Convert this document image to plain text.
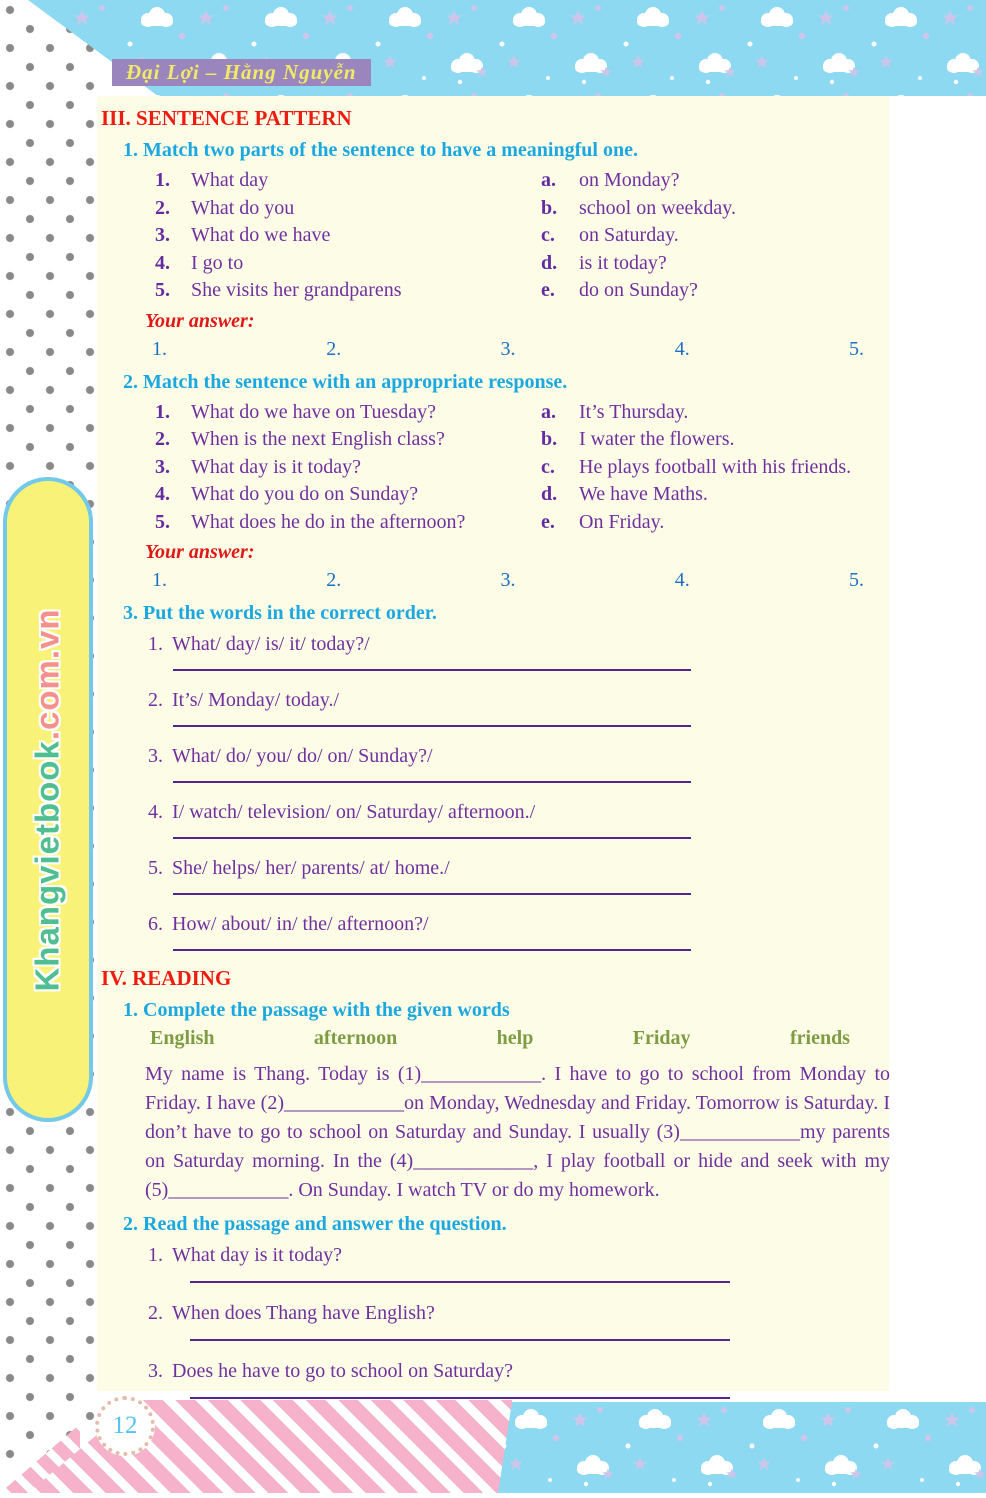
Đại Lợi – Hằng Nguyễn
III. SENTENCE PATTERN
1. Match two parts of the sentence to have a meaningful one.
1.	What day	a.	on Monday?
2.	What do you	b.	school on weekday.
3.	What do we have	c.	on Saturday.
4.	I go to	d.	is it today?
5.	She visits her grandparens	e.	do on Sunday?
Your answer:
1.	2.	3.	4.	5.
2. Match the sentence with an appropriate response.
1.	What do we have on Tuesday?	a.	It’s Thursday.
2.	When is the next English class?	b.	I water the flowers.
3.	What day is it today?	c.	He plays football with his friends.
4.	What do you do on Sunday?	d.	We have Maths.
5.	What does he do in the afternoon?	e.	On Friday.
Your answer:
1.	2.	3.	4.	5.
3. Put the words in the correct order.
1. What/ day/ is/ it/ today?/
2. It’s/ Monday/ today./
3. What/ do/ you/ do/ on/ Sunday?/
4. I/ watch/ television/ on/ Saturday/ afternoon./
5. She/ helps/ her/ parents/ at/ home./
6. How/ about/ in/ the/ afternoon?/
IV. READING
1. Complete the passage with the given words
English	afternoon	help	Friday	friends
My name is Thang. Today is (1)____________. I have to go to school from Monday to Friday. I have (2)____________on Monday, Wednesday and Friday. Tomorrow is Saturday. I don’t have to go to school on Saturday and Sunday. I usually (3)____________my parents on Saturday morning. In the (4)____________, I play football or hide and seek with my (5)____________. On Sunday. I watch TV or do my homework.
2. Read the passage and answer the question.
1. What day is it today?
2. When does Thang have English?
3. Does he have to go to school on Saturday?
Khangvietbook.com.vn
12
